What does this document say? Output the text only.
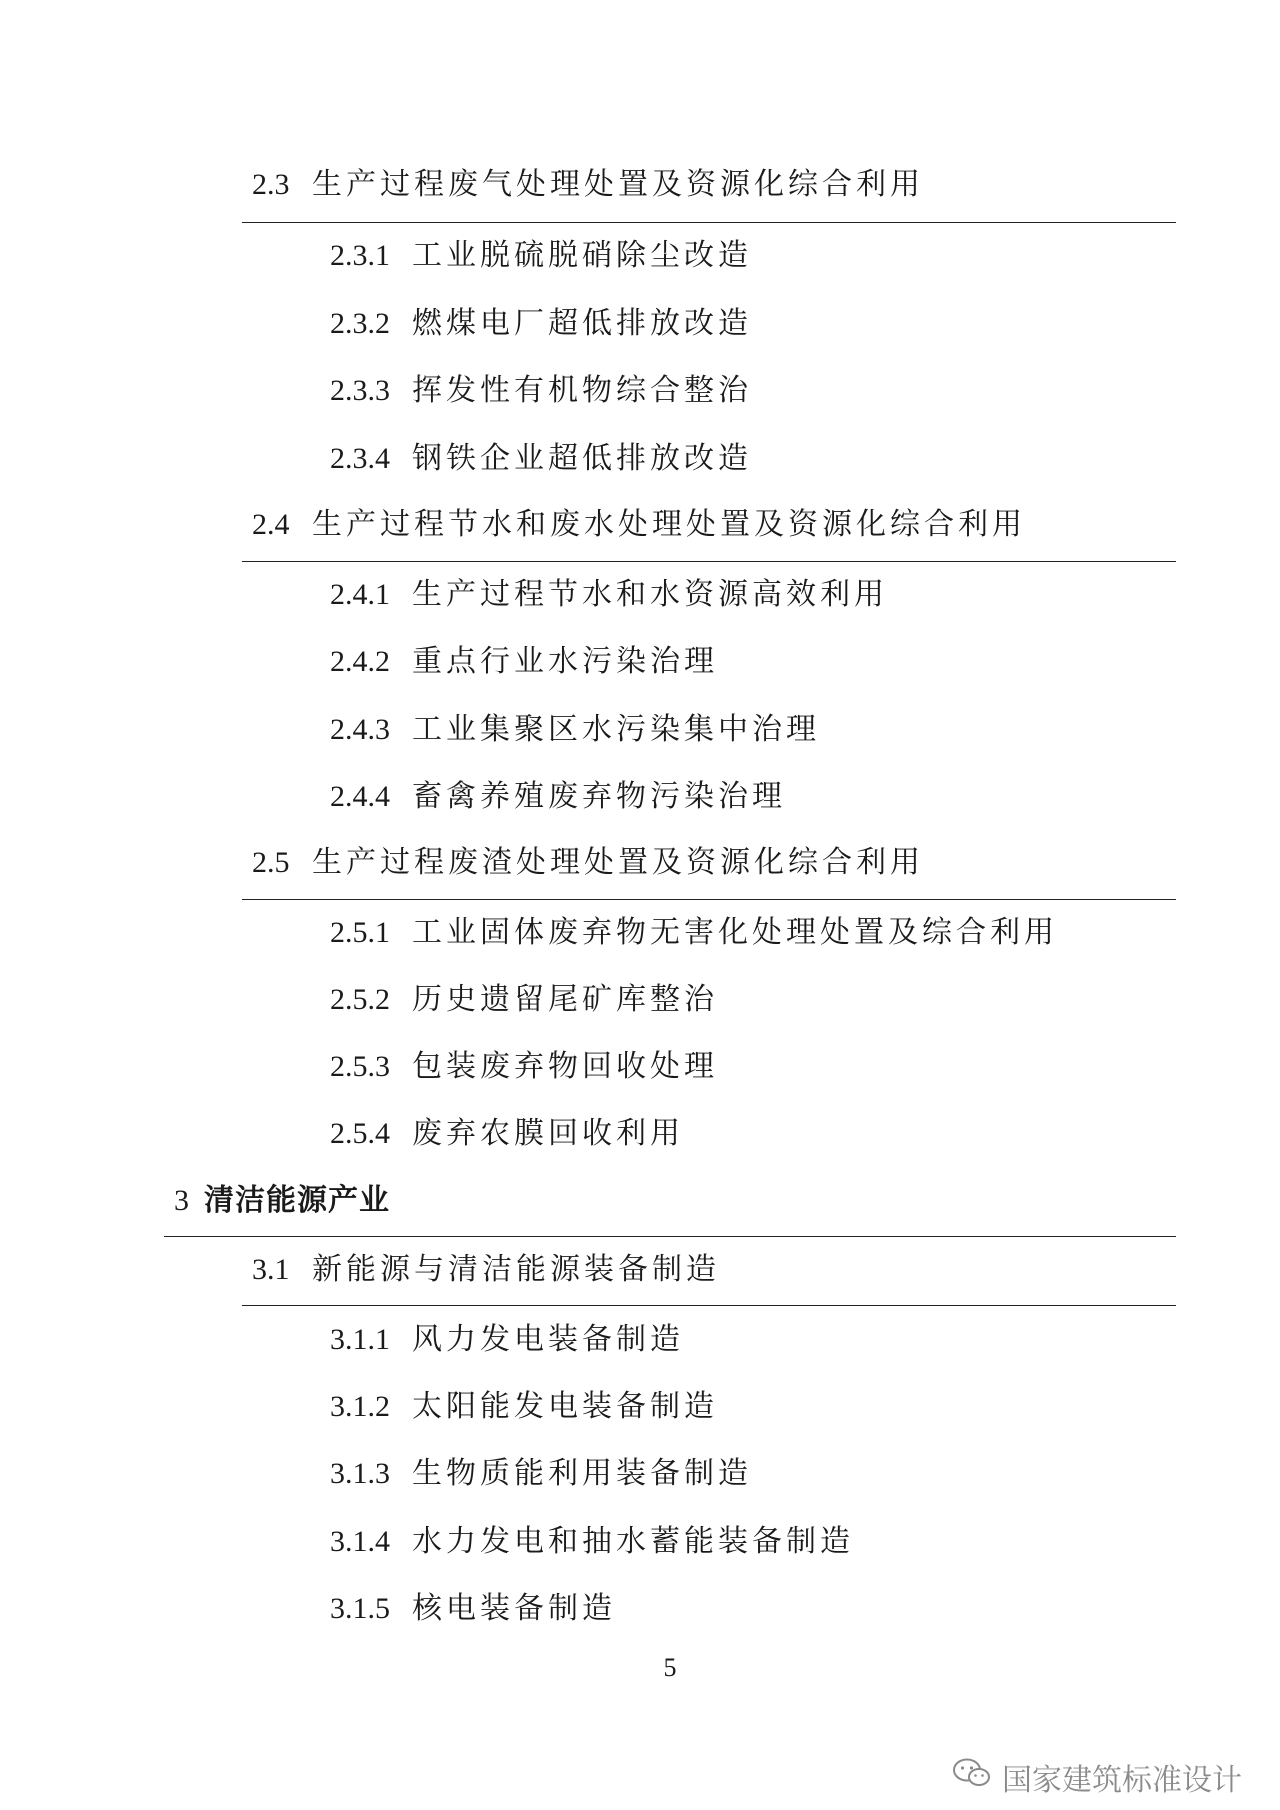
2.3 生产过程废气处理处置及资源化综合利用
2.3.1 工业脱硫脱硝除尘改造
2.3.2 燃煤电厂超低排放改造
2.3.3 挥发性有机物综合整治
2.3.4 钢铁企业超低排放改造
2.4 生产过程节水和废水处理处置及资源化综合利用
2.4.1 生产过程节水和水资源高效利用
2.4.2 重点行业水污染治理
2.4.3 工业集聚区水污染集中治理
2.4.4 畜禽养殖废弃物污染治理
2.5 生产过程废渣处理处置及资源化综合利用
2.5.1 工业固体废弃物无害化处理处置及综合利用
2.5.2 历史遗留尾矿库整治
2.5.3 包装废弃物回收处理
2.5.4 废弃农膜回收利用
3 清洁能源产业
3.1 新能源与清洁能源装备制造
3.1.1 风力发电装备制造
3.1.2 太阳能发电装备制造
3.1.3 生物质能利用装备制造
3.1.4 水力发电和抽水蓄能装备制造
3.1.5 核电装备制造
5
国家建筑标准设计
